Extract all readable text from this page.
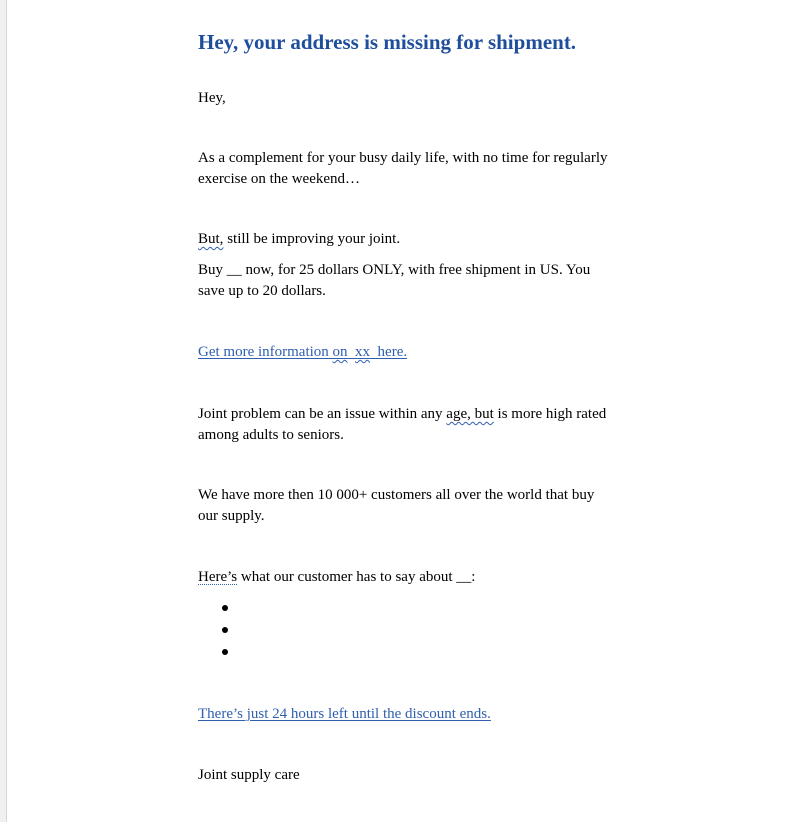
Hey, your address is missing for shipment.

Hey,

As a complement for your busy daily life, with no time for regularly exercise on the weekend…

But, still be improving your joint.

Buy __ now, for 25 dollars ONLY, with free shipment in US. You save up to 20 dollars.

Get more information on xx  here.

Joint problem can be an issue within any age, but is more high rated among adults to seniors.

We have more then 10 000+ customers all over the world that buy our supply.

Here’s what our customer has to say about __:

There’s just 24 hours left until the discount ends.

Joint supply care
